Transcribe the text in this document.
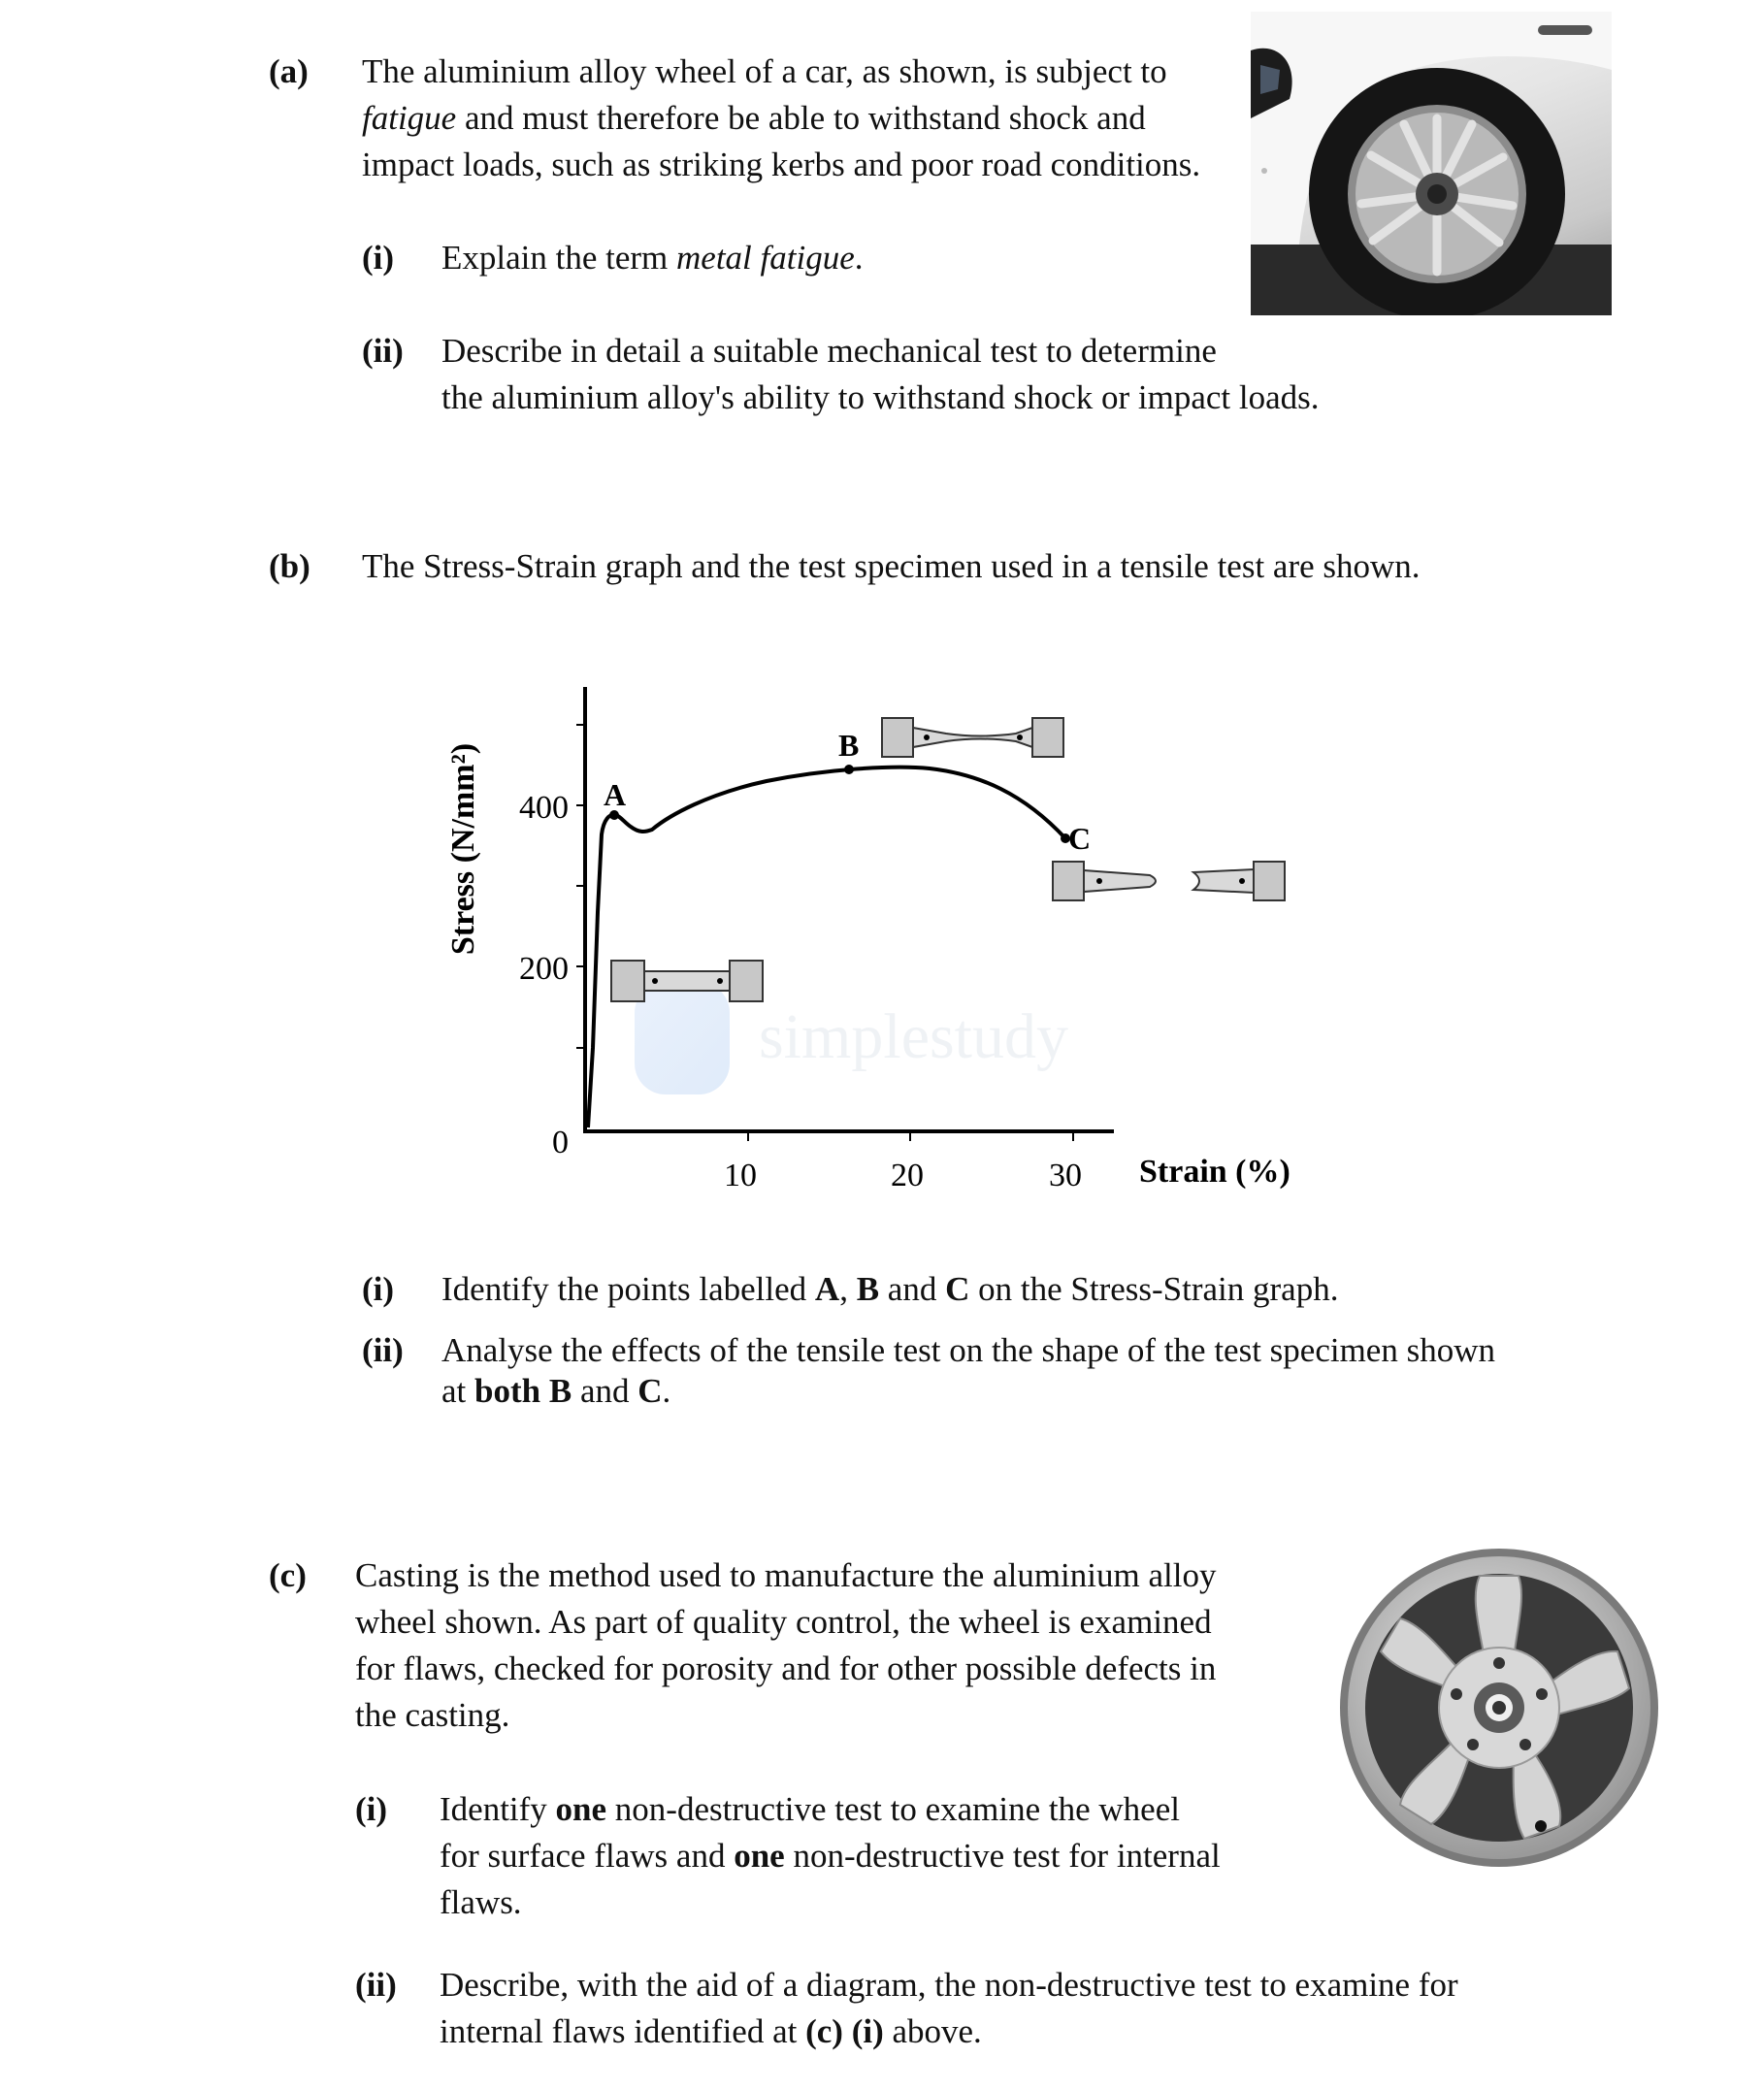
(a) The aluminium alloy wheel of a car, as shown, is subject to
fatigue and must therefore be able to withstand shock and
impact loads, such as striking kerbs and poor road conditions.
(i) Explain the term metal fatigue.
(ii) Describe in detail a suitable mechanical test to determine
the aluminium alloy's ability to withstand shock or impact loads.
(b) The Stress-Strain graph and the test specimen used in a tensile test are shown.
simplestudy
400
200
0
10	20	30 Strain (%)
Stress (N/mm²)	A
B
C
(i) Identify the points labelled A, B and C on the Stress-Strain graph.
(ii) Analyse the effects of the tensile test on the shape of the test specimen shown
at both B and C.
(c) Casting is the method used to manufacture the aluminium alloy
wheel shown. As part of quality control, the wheel is examined
for flaws, checked for porosity and for other possible defects in
the casting.
(i) Identify one non-destructive test to examine the wheel
for surface flaws and one non-destructive test for internal
flaws.
(ii) Describe, with the aid of a diagram, the non-destructive test to examine for
internal flaws identified at (c) (i) above.
